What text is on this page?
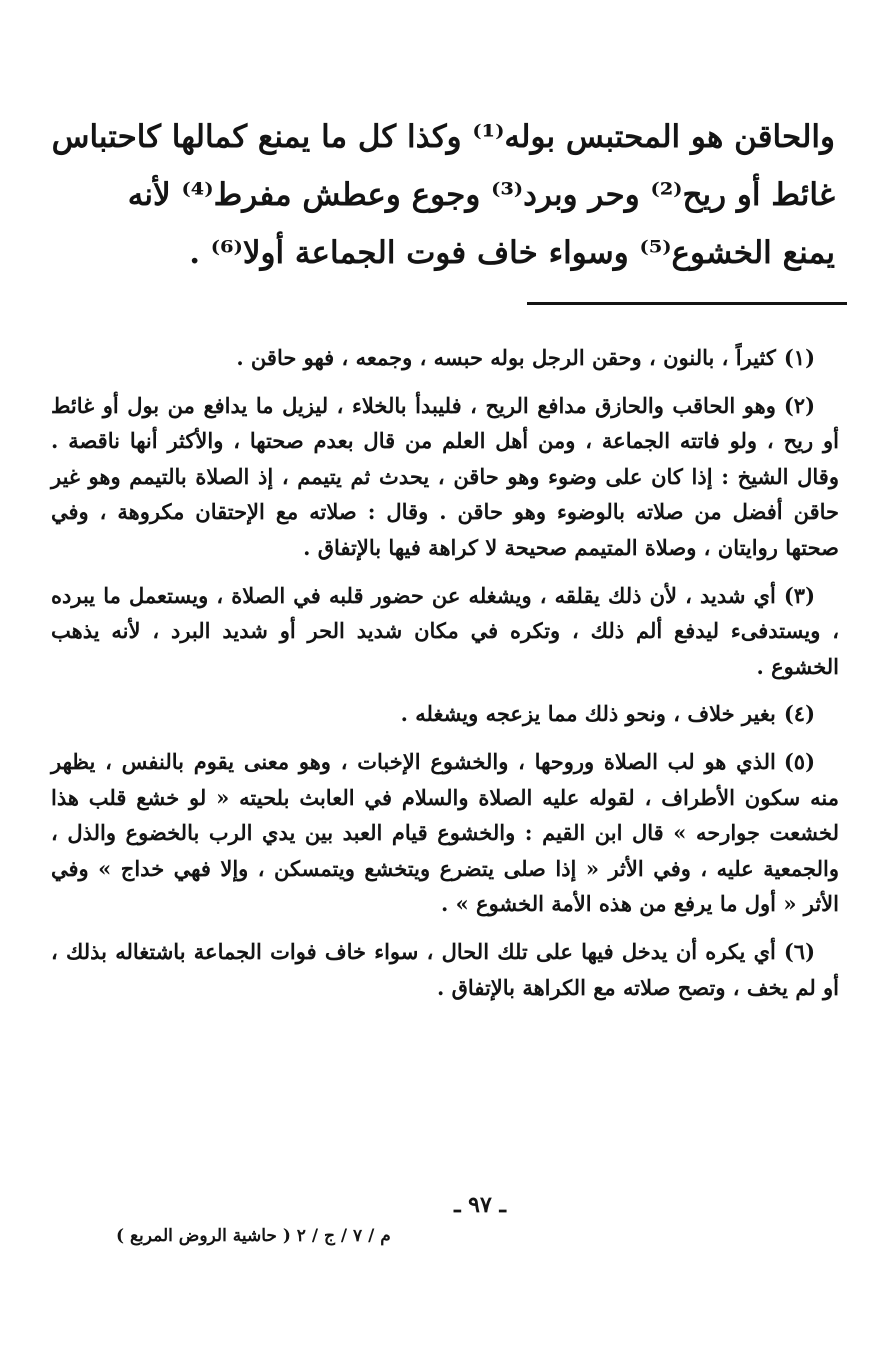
والحاقن هو المحتبس بوله⁽¹⁾ وكذا كل ما يمنع كمالها كاحتباس
غائط أو ريح⁽²⁾ وحر وبرد⁽³⁾ وجوع وعطش مفرط⁽⁴⁾ لأنه
يمنع الخشوع⁽⁵⁾ وسواء خاف فوت الجماعة أولا⁽⁶⁾ .

(١)كثيراً ، بالنون ، وحقن الرجل بوله حبسه ، وجمعه ، فهو حاقن .

(٢)وهو الحاقب والحازق مدافع الريح ، فليبدأ بالخلاء ، ليزيل ما يدافع من بول أو غائط أو ريح ، ولو فاتته الجماعة ، ومن أهل العلم من قال بعدم صحتها ، والأكثر أنها ناقصة . وقال الشيخ : إذا كان على وضوء وهو حاقن ، يحدث ثم يتيمم ، إذ الصلاة بالتيمم وهو غير حاقن أفضل من صلاته بالوضوء وهو حاقن . وقال : صلاته مع الإحتقان مكروهة ، وفي صحتها روايتان ، وصلاة المتيمم صحيحة لا كراهة فيها بالإتفاق .

(٣)أي شديد ، لأن ذلك يقلقه ، ويشغله عن حضور قلبه في الصلاة ، ويستعمل ما يبرده ، ويستدفىء ليدفع ألم ذلك ، وتكره في مكان شديد الحر أو شديد البرد ، لأنه يذهب الخشوع .

(٤)بغير خلاف ، ونحو ذلك مما يزعجه ويشغله .

(٥)الذي هو لب الصلاة وروحها ، والخشوع الإخبات ، وهو معنى يقوم بالنفس ، يظهر منه سكون الأطراف ، لقوله عليه الصلاة والسلام في العابث بلحيته « لو خشع قلب هذا لخشعت جوارحه » قال ابن القيم : والخشوع قيام العبد بين يدي الرب بالخضوع والذل ، والجمعية عليه ، وفي الأثر « إذا صلى يتضرع ويتخشع ويتمسكن ، وإلا فهي خداج » وفي الأثر « أول ما يرفع من هذه الأمة الخشوع » .

(٦)أي يكره أن يدخل فيها على تلك الحال ، سواء خاف فوات الجماعة باشتغاله بذلك ، أو لم يخف ، وتصح صلاته مع الكراهة بالإتفاق .

ـ ٩٧ ـ
م / ٧ / ج / ٢ ( حاشية الروض المربع )
